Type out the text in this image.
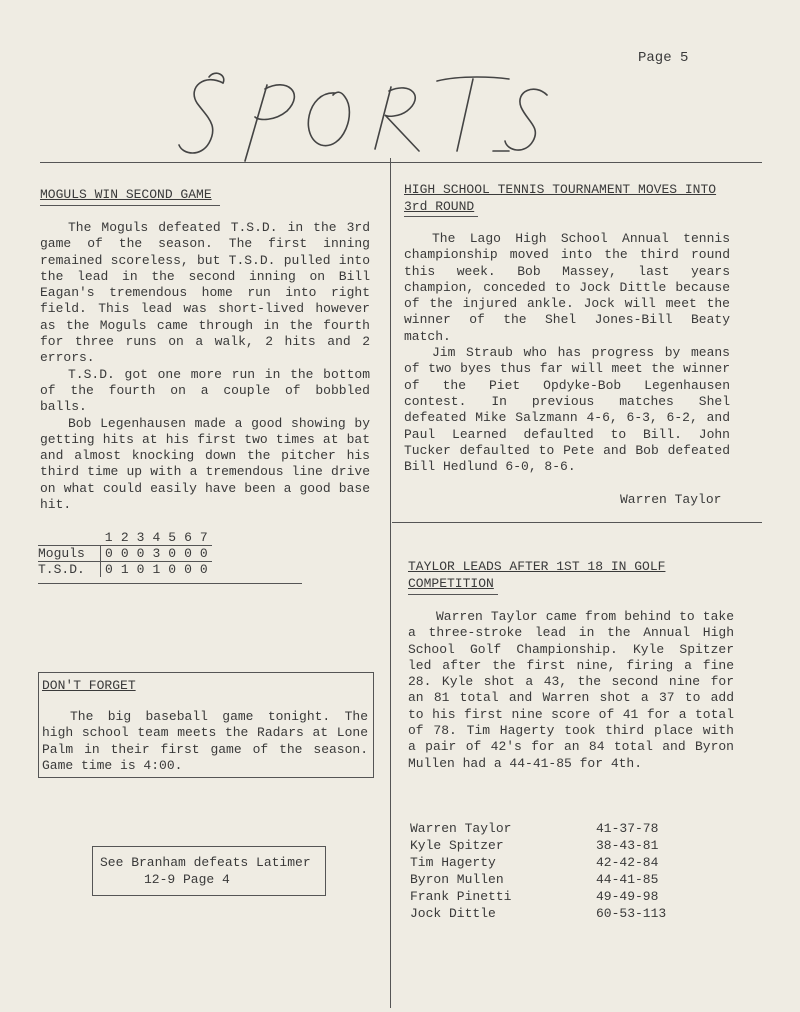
Page 5
MOGULS WIN SECOND GAME

The Moguls defeated T.S.D. in the 3rd game of the season. The first inning remained scoreless, but T.S.D. pulled into the lead in the second inning on Bill Eagan's tremendous home run into right field. This lead was short-lived however as the Moguls came through in the fourth for three runs on a walk, 2 hits and 2 errors.

T.S.D. got one more run in the bottom of the fourth on a couple of bobbled balls.

Bob Legenhausen made a good showing by getting hits at his first two times at bat and almost knocking down the pitcher his third time up with a tremendous line drive on what could easily have been a good base hit.

	1	2	3	4	5	6	7
Moguls	0	0	0	3	0	0	0
T.S.D.	0	1	0	1	0	0	0
DON'T FORGET

The big baseball game tonight. The high school team meets the Radars at Lone Palm in their first game of the season. Game time is 4:00.

See Branham defeats Latimer
12-9 Page 4
HIGH SCHOOL TENNIS TOURNAMENT MOVES INTO
3rd ROUND

The Lago High School Annual tennis championship moved into the third round this week. Bob Massey, last years champion, conceded to Jock Dittle because of the injured ankle. Jock will meet the winner of the Shel Jones-Bill Beaty match.

Jim Straub who has progress by means of two byes thus far will meet the winner of the Piet Opdyke-Bob Legenhausen contest. In previous matches Shel defeated Mike Salzmann 4-6, 6-3, 6-2, and Paul Learned defaulted to Bill. John Tucker defaulted to Pete and Bob defeated Bill Hedlund 6-0, 8-6.

Warren Taylor
TAYLOR LEADS AFTER 1ST 18 IN GOLF
COMPETITION

Warren Taylor came from behind to take a three-stroke lead in the Annual High School Golf Championship. Kyle Spitzer led after the first nine, firing a fine 28. Kyle shot a 43, the second nine for an 81 total and Warren shot a 37 to add to his first nine score of 41 for a total of 78. Tim Hagerty took third place with a pair of 42's for an 84 total and Byron Mullen had a 44-41-85 for 4th.

Warren Taylor	41-37-78
Kyle Spitzer	38-43-81
Tim Hagerty	42-42-84
Byron Mullen	44-41-85
Frank Pinetti	49-49-98
Jock Dittle	60-53-113
